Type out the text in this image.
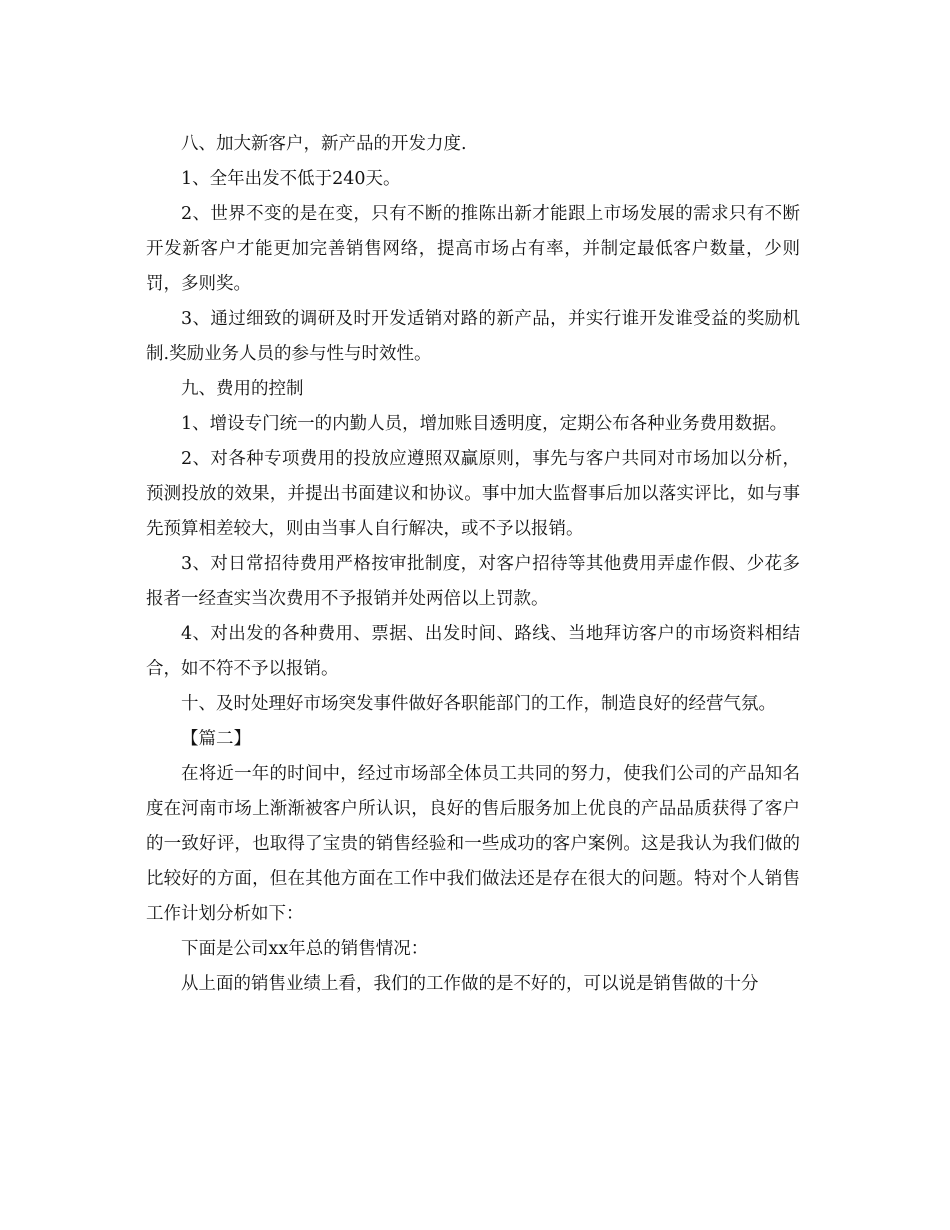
八、加大新客户，新产品的开发力度.

1、全年出发不低于240天。

2、世界不变的是在变，只有不断的推陈出新才能跟上市场发展的需求只有不断开发新客户才能更加完善销售网络，提高市场占有率，并制定最低客户数量，少则罚，多则奖。

3、通过细致的调研及时开发适销对路的新产品，并实行谁开发谁受益的奖励机制.奖励业务人员的参与性与时效性。

九、费用的控制

1、增设专门统一的内勤人员，增加账目透明度，定期公布各种业务费用数据。

2、对各种专项费用的投放应遵照双赢原则，事先与客户共同对市场加以分析，预测投放的效果，并提出书面建议和协议。事中加大监督事后加以落实评比，如与事先预算相差较大，则由当事人自行解决，或不予以报销。

3、对日常招待费用严格按审批制度，对客户招待等其他费用弄虚作假、少花多报者一经查实当次费用不予报销并处两倍以上罚款。

4、对出发的各种费用、票据、出发时间、路线、当地拜访客户的市场资料相结合，如不符不予以报销。

十、及时处理好市场突发事件做好各职能部门的工作，制造良好的经营气氛。

【篇二】

在将近一年的时间中，经过市场部全体员工共同的努力，使我们公司的产品知名度在河南市场上渐渐被客户所认识，良好的售后服务加上优良的产品品质获得了客户的一致好评，也取得了宝贵的销售经验和一些成功的客户案例。这是我认为我们做的比较好的方面，但在其他方面在工作中我们做法还是存在很大的问题。特对个人销售工作计划分析如下：

下面是公司xx年总的销售情况：

从上面的销售业绩上看，我们的工作做的是不好的，可以说是销售做的十分
